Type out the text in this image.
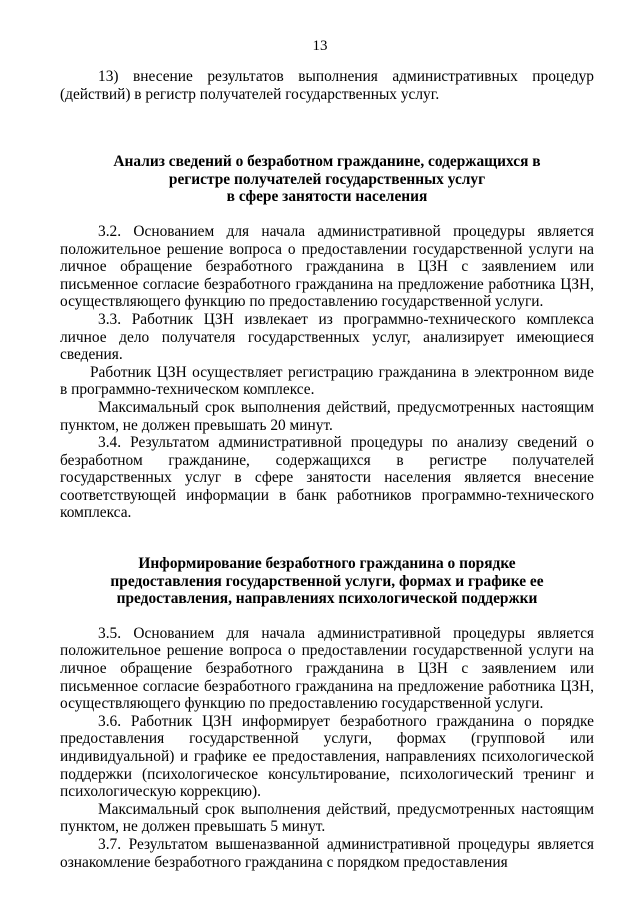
13

13) внесение результатов выполнения административных процедур (действий) в регистр получателей государственных услуг.

Анализ сведений о безработном гражданине, содержащихся в
регистре получателей государственных услуг
в сфере занятости населения

3.2. Основанием для начала административной процедуры является положительное решение вопроса о предоставлении государственной услуги на личное обращение безработного гражданина в ЦЗН с заявлением или письменное согласие безработного гражданина на предложение работника ЦЗН, осуществляющего функцию по предоставлению государственной услуги.

3.3. Работник ЦЗН извлекает из программно-технического комплекса личное дело получателя государственных услуг, анализирует имеющиеся сведения.

Работник ЦЗН осуществляет регистрацию гражданина в электронном виде в программно-техническом комплексе.

Максимальный срок выполнения действий, предусмотренных настоящим пунктом, не должен превышать 20 минут.

3.4. Результатом административной процедуры по анализу сведений о безработном гражданине, содержащихся в регистре получателей государственных услуг в сфере занятости населения является внесение соответствующей информации в банк работников программно-технического комплекса.

Информирование безработного гражданина о порядке
предоставления государственной услуги, формах и графике ее
предоставления, направлениях психологической поддержки

3.5. Основанием для начала административной процедуры является положительное решение вопроса о предоставлении государственной услуги на личное обращение безработного гражданина в ЦЗН с заявлением или письменное согласие безработного гражданина на предложение работника ЦЗН, осуществляющего функцию по предоставлению государственной услуги.

3.6. Работник ЦЗН информирует безработного гражданина о порядке предоставления государственной услуги, формах (групповой или индивидуальной) и графике ее предоставления, направлениях психологической поддержки (психологическое консультирование, психологический тренинг и психологическую коррекцию).

Максимальный срок выполнения действий, предусмотренных настоящим пунктом, не должен превышать 5 минут.

3.7. Результатом вышеназванной административной процедуры является ознакомление безработного гражданина с порядком предоставления
